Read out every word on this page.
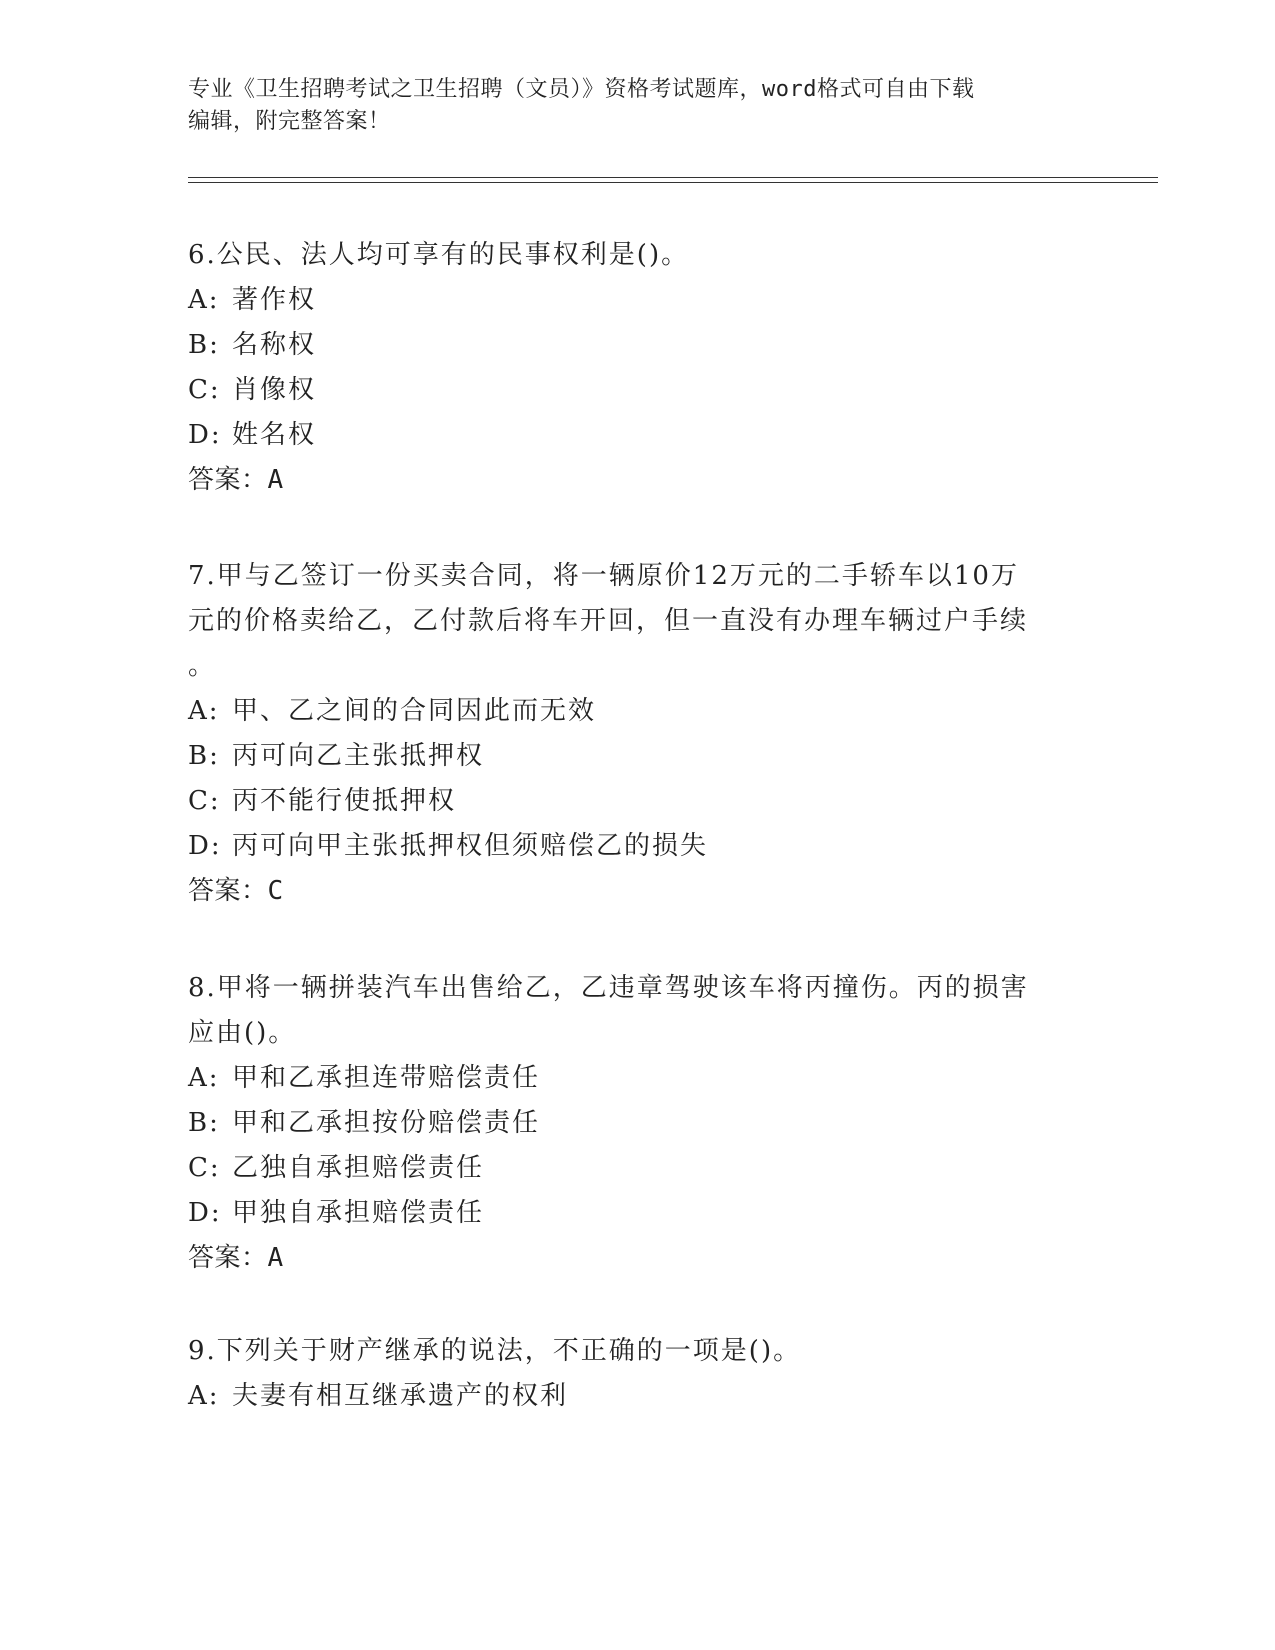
专业《卫生招聘考试之卫生招聘（文员）》资格考试题库，word格式可自由下载
编辑，附完整答案！

6.公民、法人均可享有的民事权利是()。

A: 著作权

B: 名称权

C: 肖像权

D: 姓名权

答案：A

7.甲与乙签订一份买卖合同，将一辆原价12万元的二手轿车以10万

元的价格卖给乙，乙付款后将车开回，但一直没有办理车辆过户手续

。

A: 甲、乙之间的合同因此而无效

B: 丙可向乙主张抵押权

C: 丙不能行使抵押权

D: 丙可向甲主张抵押权但须赔偿乙的损失

答案：C

8.甲将一辆拼装汽车出售给乙，乙违章驾驶该车将丙撞伤。丙的损害

应由()。

A: 甲和乙承担连带赔偿责任

B: 甲和乙承担按份赔偿责任

C: 乙独自承担赔偿责任

D: 甲独自承担赔偿责任

答案：A

9.下列关于财产继承的说法，不正确的一项是()。

A: 夫妻有相互继承遗产的权利
